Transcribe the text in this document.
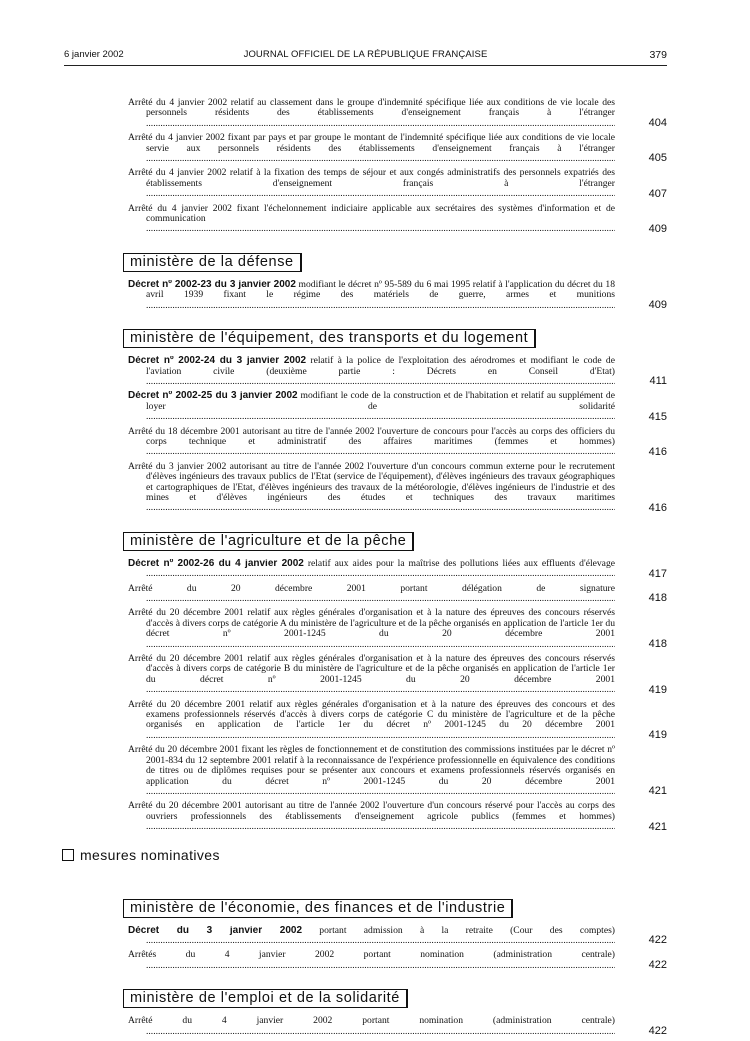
6 janvier 2002	JOURNAL OFFICIEL DE LA RÉPUBLIQUE FRANÇAISE	379
Arrêté du 4 janvier 2002 relatif au classement dans le groupe d'indemnité spécifique liée aux conditions de vie locale des personnels résidents des établissements d'enseignement français à l'étranger .....
404
Arrêté du 4 janvier 2002 fixant par pays et par groupe le montant de l'indemnité spécifique liée aux conditions de vie locale servie aux personnels résidents des établissements d'enseignement français à l'étranger .....
405
Arrêté du 4 janvier 2002 relatif à la fixation des temps de séjour et aux congés administratifs des personnels expatriés des établissements d'enseignement français à l'étranger .....
407
Arrêté du 4 janvier 2002 fixant l'échelonnement indiciaire applicable aux secrétaires des systèmes d'information et de communication .....
409
ministère de la défense
Décret nº 2002-23 du 3 janvier 2002 modifiant le décret nº 95-589 du 6 mai 1995 relatif à l'application du décret du 18 avril 1939 fixant le régime des matériels de guerre, armes et munitions .....
409
ministère de l'équipement, des transports et du logement
Décret nº 2002-24 du 3 janvier 2002 relatif à la police de l'exploitation des aérodromes et modifiant le code de l'aviation civile (deuxième partie : Décrets en Conseil d'Etat) .....
411
Décret nº 2002-25 du 3 janvier 2002 modifiant le code de la construction et de l'habitation et relatif au supplément de loyer de solidarité .....
415
Arrêté du 18 décembre 2001 autorisant au titre de l'année 2002 l'ouverture de concours pour l'accès au corps des officiers du corps technique et administratif des affaires maritimes (femmes et hommes) .....
416
Arrêté du 3 janvier 2002 autorisant au titre de l'année 2002 l'ouverture d'un concours commun externe pour le recrutement d'élèves ingénieurs des travaux publics de l'Etat (service de l'équipement), d'élèves ingénieurs des travaux géographiques et cartographiques de l'Etat, d'élèves ingénieurs des travaux de la météorologie, d'élèves ingénieurs de l'industrie et des mines et d'élèves ingénieurs des études et techniques des travaux maritimes .....
416
ministère de l'agriculture et de la pêche
Décret nº 2002-26 du 4 janvier 2002 relatif aux aides pour la maîtrise des pollutions liées aux effluents d'élevage .....
417
Arrêté du 20 décembre 2001 portant délégation de signature .....
418
Arrêté du 20 décembre 2001 relatif aux règles générales d'organisation et à la nature des épreuves des concours réservés d'accès à divers corps de catégorie A du ministère de l'agriculture et de la pêche organisés en application de l'article 1er du décret nº 2001-1245 du 20 décembre 2001 .....
418
Arrêté du 20 décembre 2001 relatif aux règles générales d'organisation et à la nature des épreuves des concours réservés d'accès à divers corps de catégorie B du ministère de l'agriculture et de la pêche organisés en application de l'article 1er du décret nº 2001-1245 du 20 décembre 2001 .....
419
Arrêté du 20 décembre 2001 relatif aux règles générales d'organisation et à la nature des épreuves des concours et des examens professionnels réservés d'accès à divers corps de catégorie C du ministère de l'agriculture et de la pêche organisés en application de l'article 1er du décret nº 2001-1245 du 20 décembre 2001 .....
419
Arrêté du 20 décembre 2001 fixant les règles de fonctionnement et de constitution des commissions instituées par le décret nº 2001-834 du 12 septembre 2001 relatif à la reconnaissance de l'expérience professionnelle en équivalence des conditions de titres ou de diplômes requises pour se présenter aux concours et examens professionnels réservés organisés en application du décret nº 2001-1245 du 20 décembre 2001 .....
421
Arrêté du 20 décembre 2001 autorisant au titre de l'année 2002 l'ouverture d'un concours réservé pour l'accès au corps des ouvriers professionnels des établissements d'enseignement agricole publics (femmes et hommes) .....
421
mesures nominatives
ministère de l'économie, des finances et de l'industrie
Décret du 3 janvier 2002 portant admission à la retraite (Cour des comptes) .....
422
Arrêtés du 4 janvier 2002 portant nomination (administration centrale) .....
422
ministère de l'emploi et de la solidarité
Arrêté du 4 janvier 2002 portant nomination (administration centrale) .....
422
